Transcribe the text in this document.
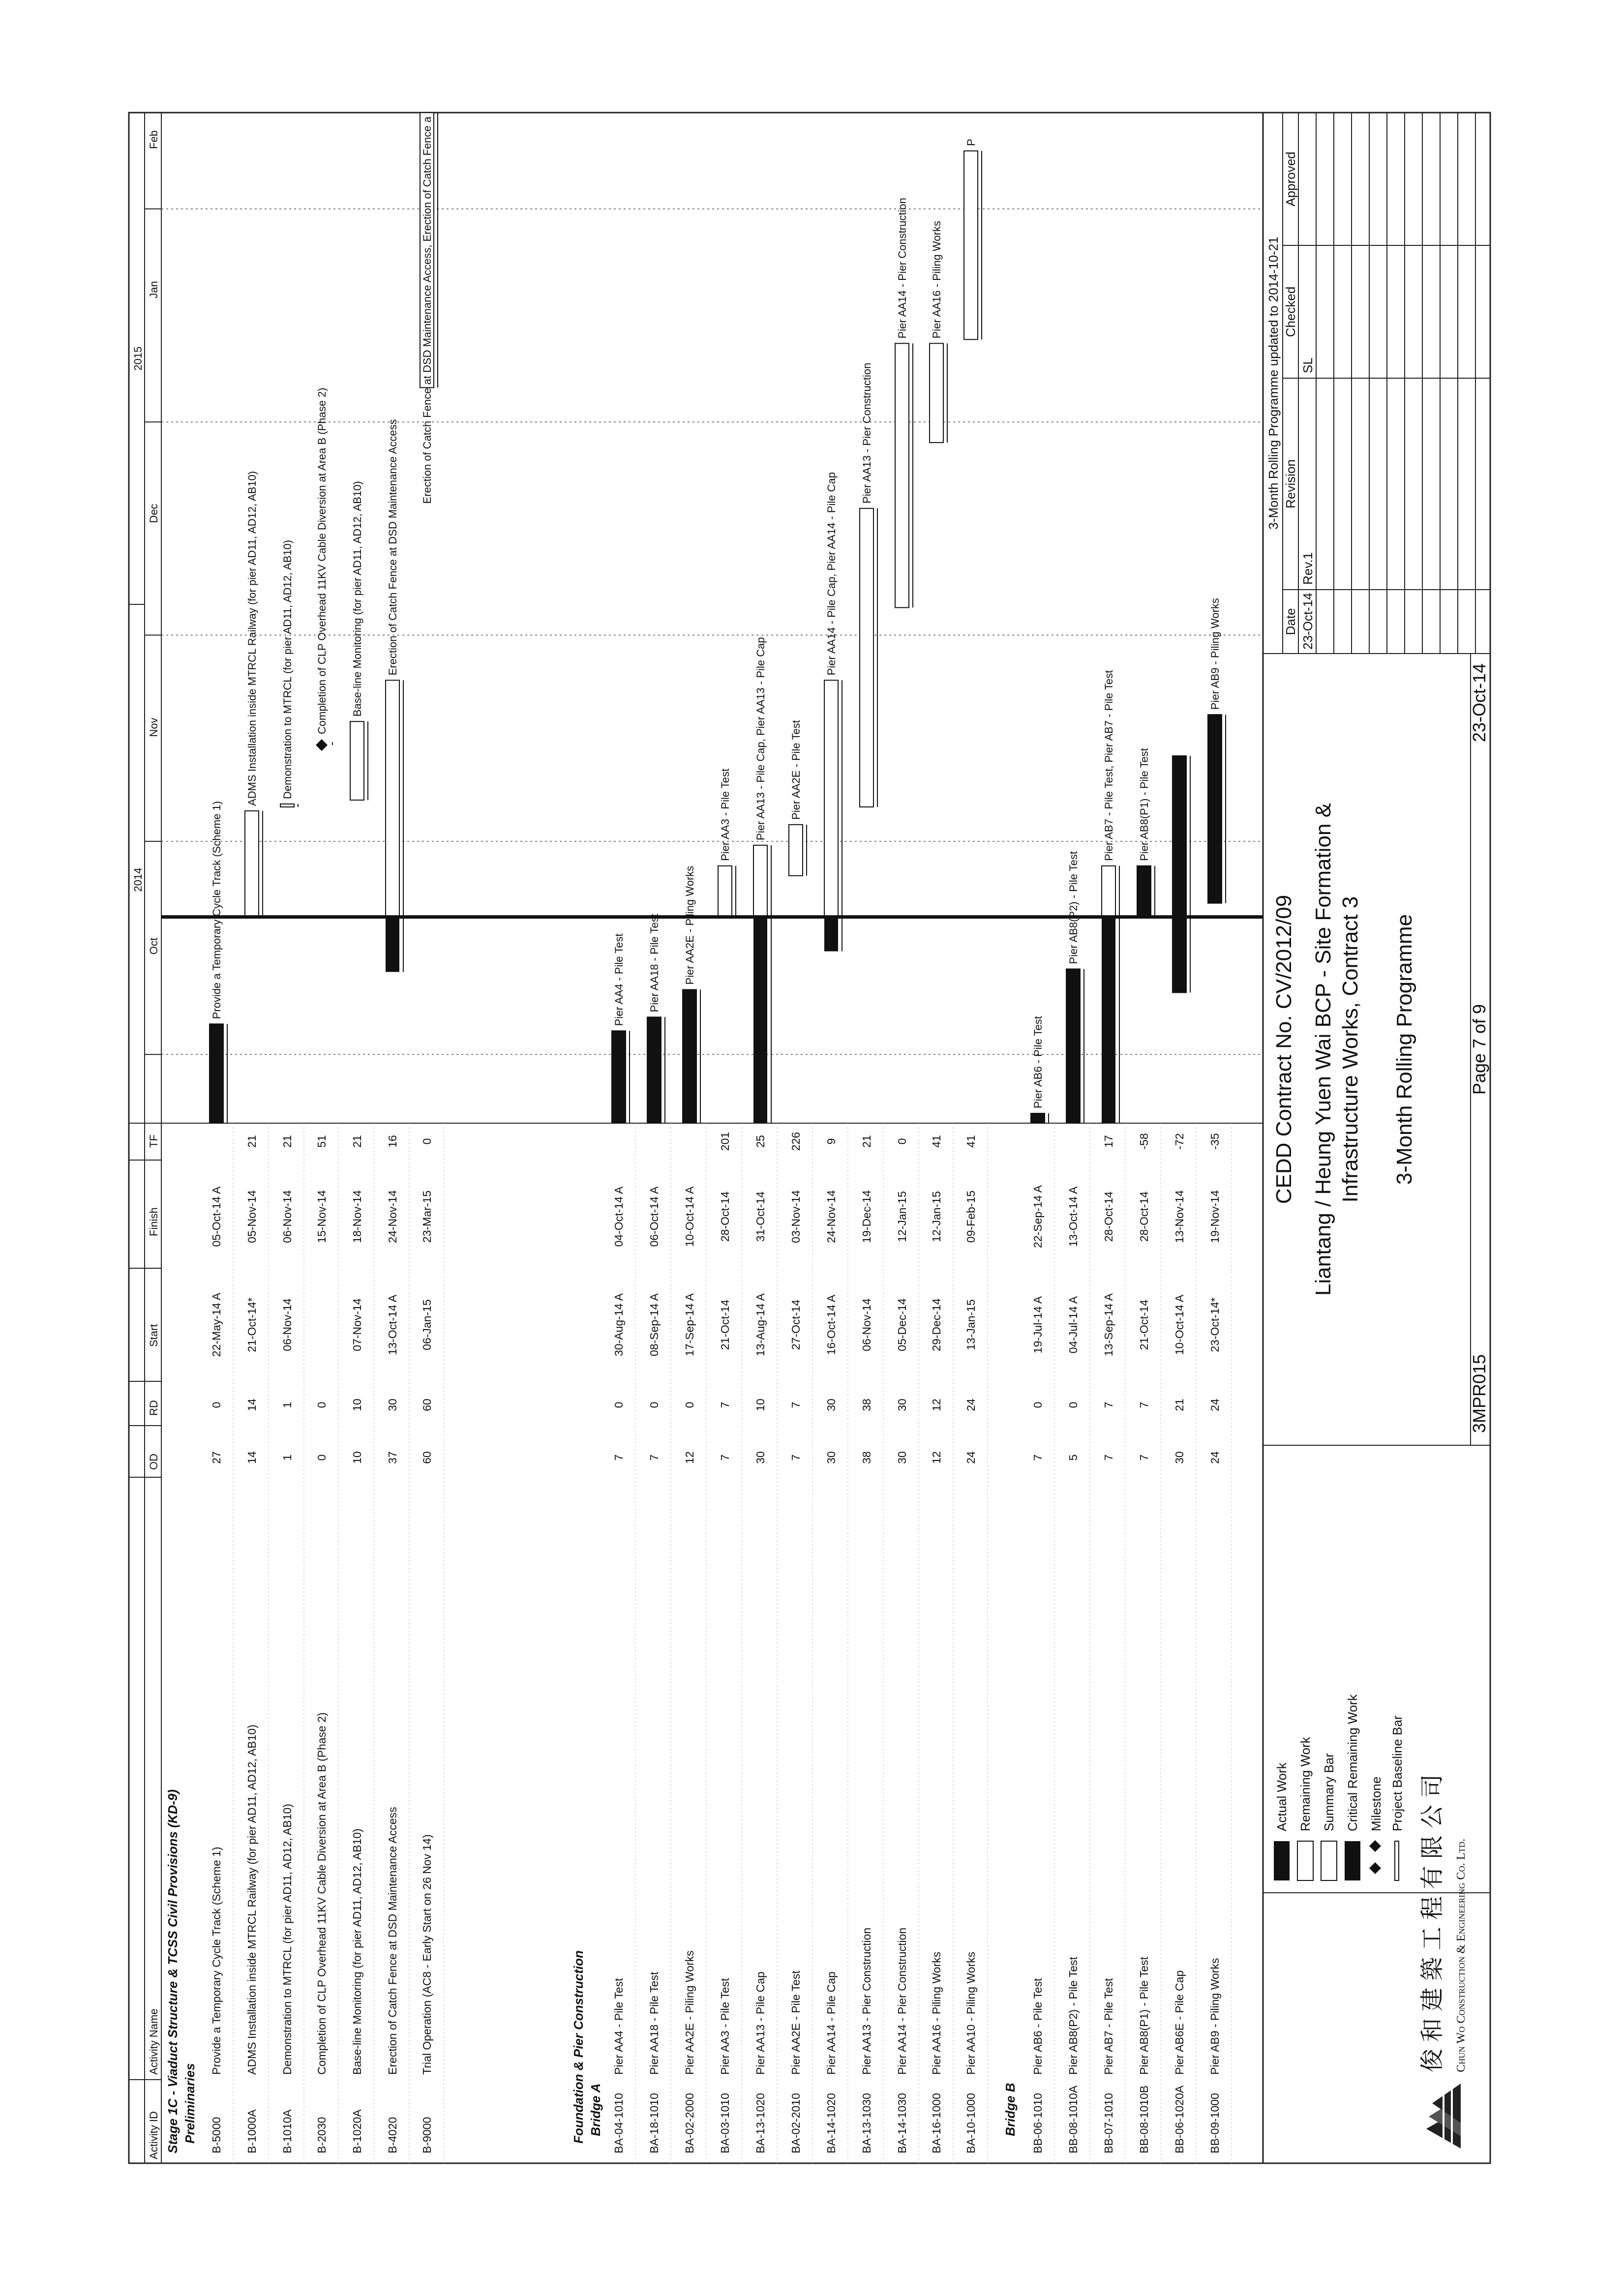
Activity ID
Activity Name
OD
RD
Start
Finish
TF
2014
2015
Oct
Nov
Dec
Jan
Feb
Stage 1C - Viaduct Structure & TCSS Civil Provisions (KD-9) Preliminaries	Foundation & Pier Construction Bridge A	Bridge B
B-5000
Provide a Temporary Cycle Track (Scheme 1)
27
0
22-May-14 A
05-Oct-14 A
B-1000A
ADMS Installation inside MTRCL Railway (for pier AD11, AD12, AB10)
14
14
21-Oct-14*
05-Nov-14
21
B-1010A
Demonstration to MTRCL (for pier AD11, AD12, AB10)
1
1
06-Nov-14
06-Nov-14
21
B-2030
Completion of CLP Overhead 11KV Cable Diversion at Area B (Phase 2)
0
0
15-Nov-14
51
B-1020A
Base-line Monitoring (for pier AD11, AD12, AB10)
10
10
07-Nov-14
18-Nov-14
21
B-4020
Erection of Catch Fence at DSD Maintenance Access
37
30
13-Oct-14 A
24-Nov-14
16
B-9000
Trial Operation (AC8 - Early Start on 26 Nov 14)
60
60
06-Jan-15
23-Mar-15
0
BA-04-1010
Pier AA4 - Pile Test
7
0
30-Aug-14 A
04-Oct-14 A
BA-18-1010
Pier AA18 - Pile Test
7
0
08-Sep-14 A
06-Oct-14 A
BA-02-2000
Pier AA2E - Piling Works
12
0
17-Sep-14 A
10-Oct-14 A
BA-03-1010
Pier AA3 - Pile Test
7
7
21-Oct-14
28-Oct-14
201
BA-13-1020
Pier AA13 - Pile Cap
30
10
13-Aug-14 A
31-Oct-14
25
BA-02-2010
Pier AA2E - Pile Test
7
7
27-Oct-14
03-Nov-14
226
BA-14-1020
Pier AA14 - Pile Cap
30
30
16-Oct-14 A
24-Nov-14
9
BA-13-1030
Pier AA13 - Pier Construction
38
38
06-Nov-14
19-Dec-14
21
BA-14-1030
Pier AA14 - Pier Construction
30
30
05-Dec-14
12-Jan-15
0
BA-16-1000
Pier AA16 - Piling Works
12
12
29-Dec-14
12-Jan-15
41
BA-10-1000
Pier AA10 - Piling Works
24
24
13-Jan-15
09-Feb-15
41
BB-06-1010
Pier AB6 - Pile Test
7
0
19-Jul-14 A
22-Sep-14 A
BB-08-1010A
Pier AB8(P2) - Pile Test
5
0
04-Jul-14 A
13-Oct-14 A
BB-07-1010
Pier AB7 - Pile Test
7
7
13-Sep-14 A
28-Oct-14
17
BB-08-1010B
Pier AB8(P1) - Pile Test
7
7
21-Oct-14
28-Oct-14
-58
BB-06-1020A
Pier AB6E - Pile Cap
30
21
10-Oct-14 A
13-Nov-14
-72
BB-09-1000
Pier AB9 - Piling Works
24
24
23-Oct-14*
19-Nov-14
-35
Provide a Temporary Cycle Track (Scheme 1)
ADMS Installation inside MTRCL Railway (for pier AD11, AD12, AB10) Demonstration to MTRCL (for pier AD11, AD12, AB10) Completion of CLP Overhead 11KV Cable Diversion at Area B (Phase 2) Base-line Monitoring (for pier AD11, AD12, AB10) Erection of Catch Fence at DSD Maintenance Access
Erection of Catch Fence at DSD Maintenance Access, Erection of Catch Fence a
Pier AA4 - Pile Test Pier AA18 - Pile Test Pier AA2E - Piling Works
Pier AA3 - Pile Test Pier AA13 - Pile Cap, Pier AA13 - Pile Cap Pier AA2E - Pile Test
Pier AA14 - Pile Cap, Pier AA14 - Pile Cap
Pier AA13 - Pier Construction
Pier AA14 - Pier Construction Pier AA16 - Piling Works
P
Pier AB6 - Pile Test
Pier AB8(P2) - Pile Test
Pier AB7 - Pile Test, Pier AB7 - Pile Test Pier AB8(P1) - Pile Test
Pier AB9 - Piling Works
俊和建築工程有限公司 Chun Wo Construction & Engineering Co. Ltd.
Actual Work Remaining Work Summary Bar Critical Remaining Work Milestone Project Baseline Bar
CEDD Contract No. CV/2012/09 Liantang / Heung Yuen Wai BCP - Site Formation & Infrastructure Works, Contract 3 3-Month Rolling Programme
3MPR015
Page 7 of 9
23-Oct-14
3-Month Rolling Programme updated to 2014-10-21
Date
Revision
Checked
Approved
23-Oct-14
Rev.1
SL
